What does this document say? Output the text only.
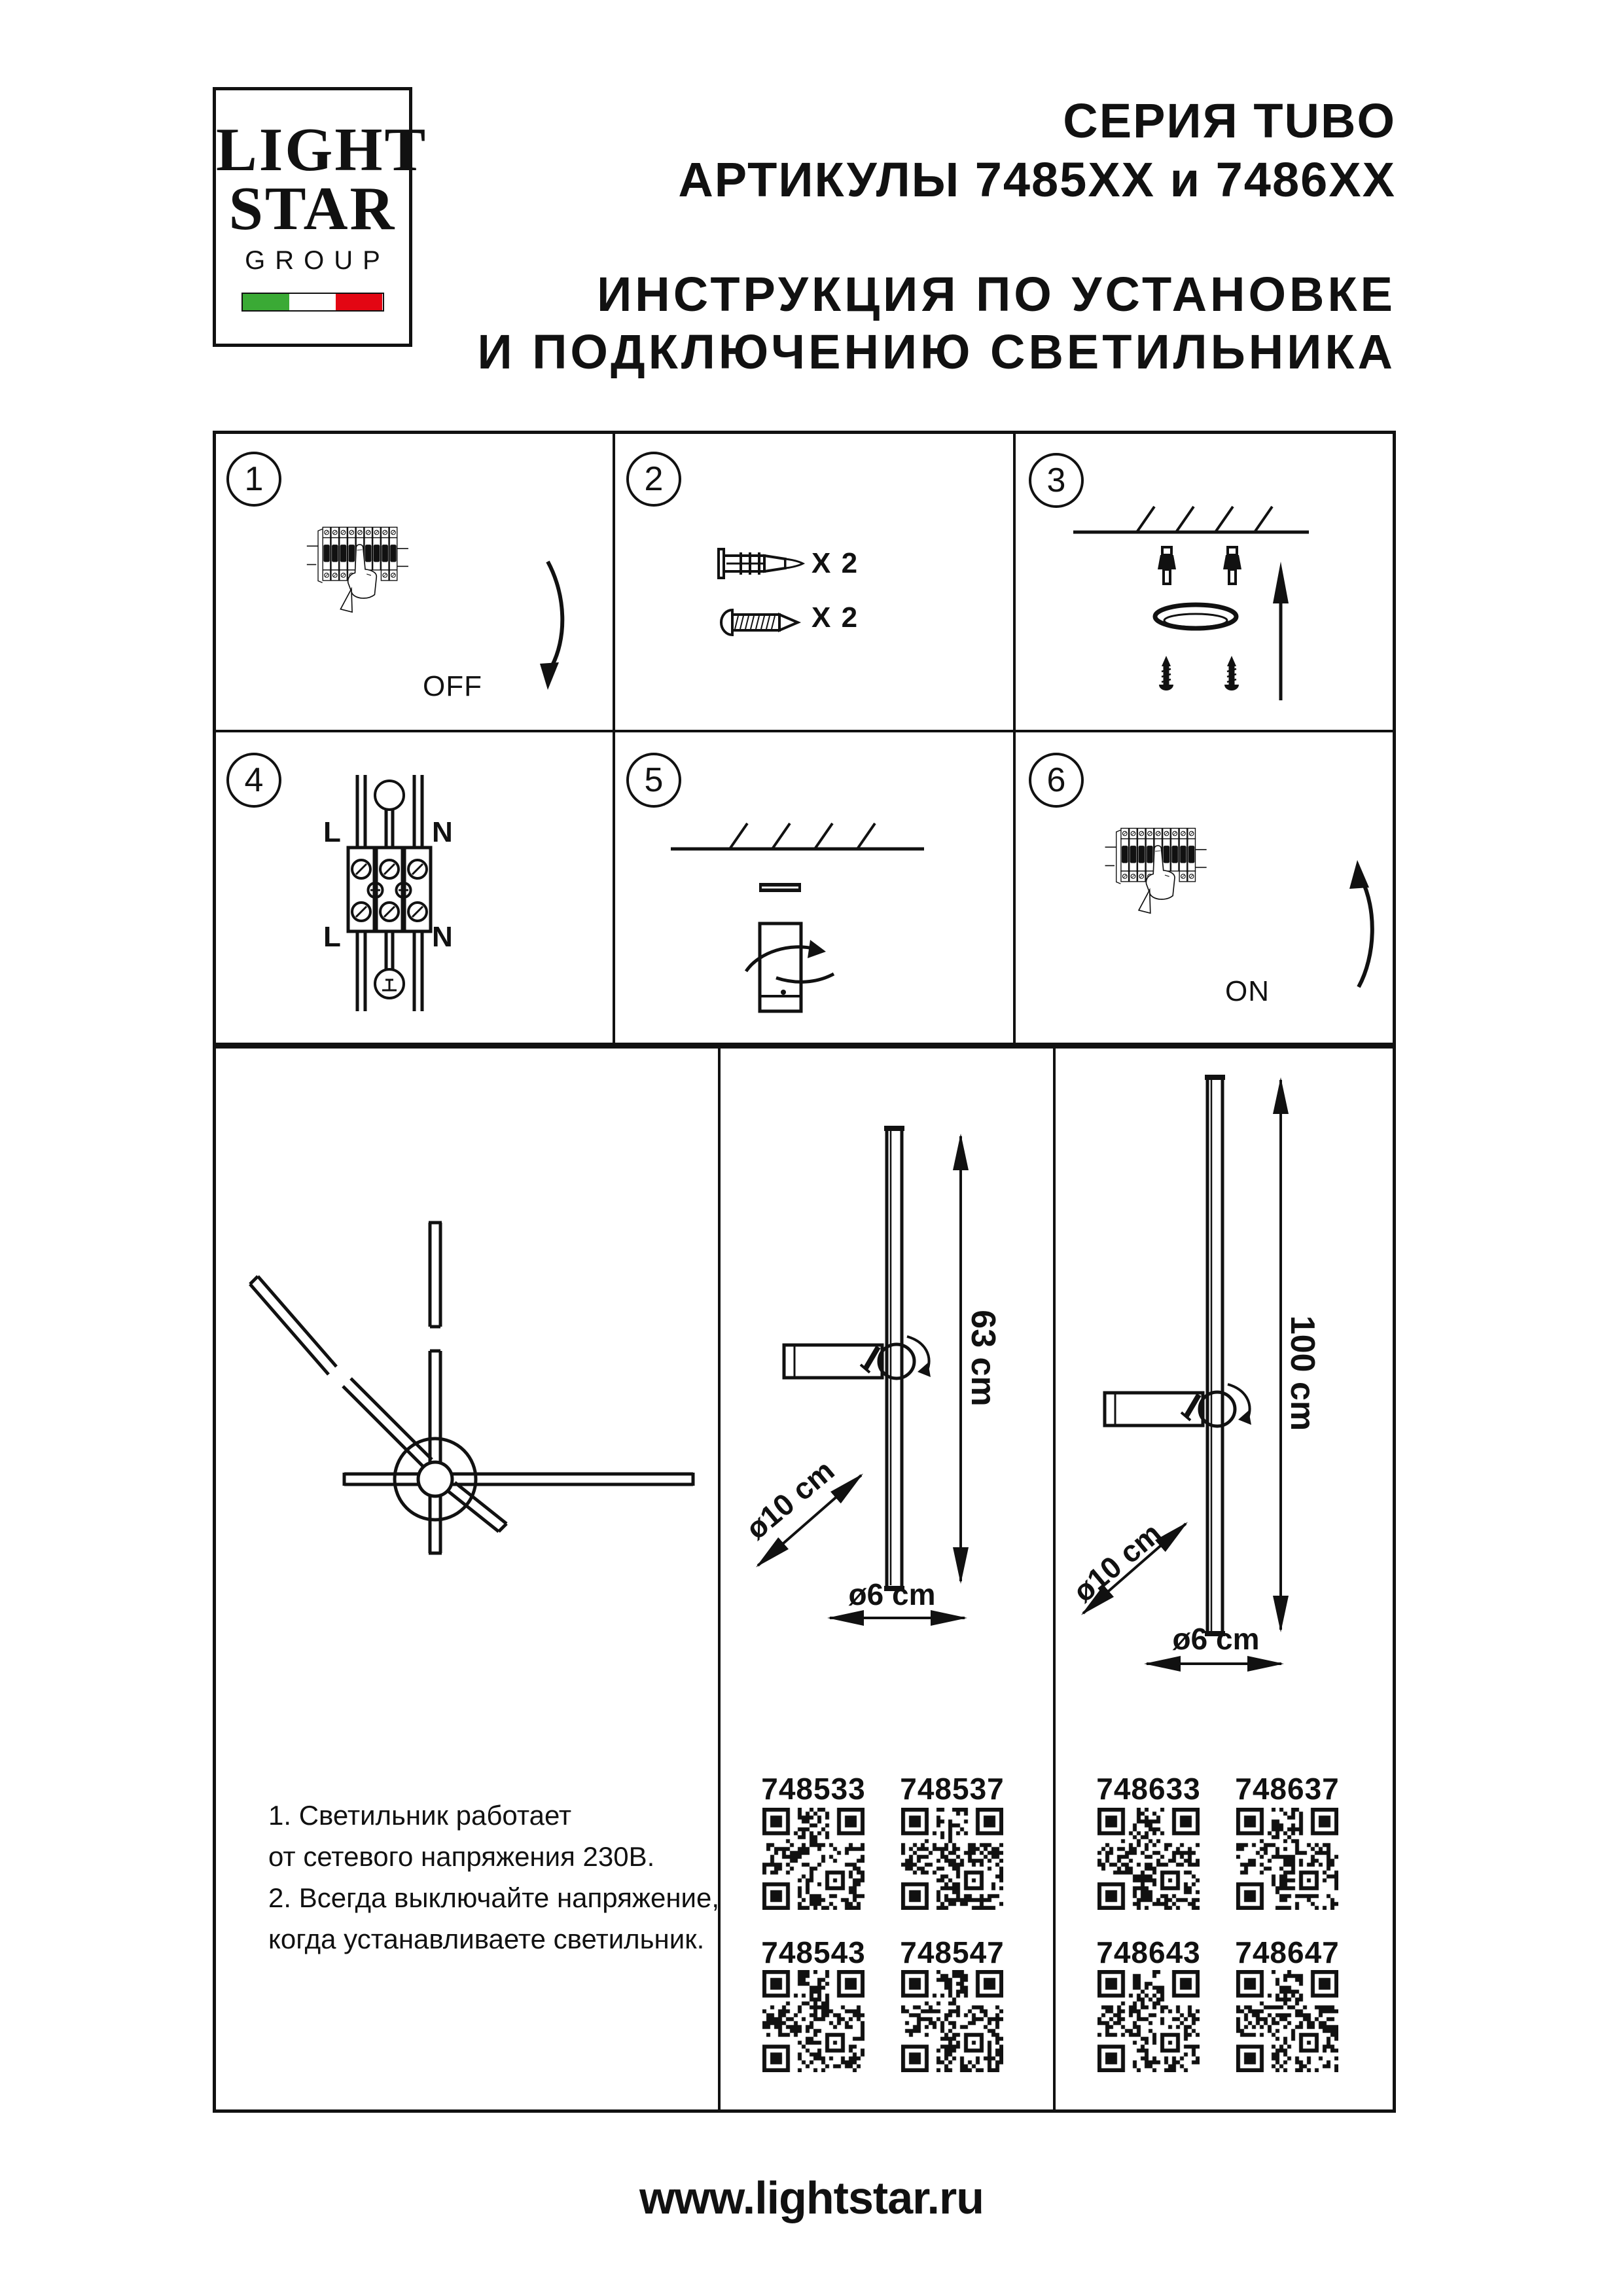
LIGHT
STAR
GROUP
СЕРИЯ TUBO
АРТИКУЛЫ 7485XX и 7486XX
ИНСТРУКЦИЯ ПО УСТАНОВКЕ
И ПОДКЛЮЧЕНИЮ СВЕТИЛЬНИКА
1	2	3
4	5	6
OFF
X 2
X 2
L	N
L	N
ON
63 cm
ø10 cm
ø6 cm
100 cm
ø10 cm
ø6 cm
1. Светильник работает
от сетевого напряжения 230В.
2. Всегда выключайте напряжение,
когда устанавливаете светильник.
748533	748537
748543	748547
748633	748637
748643	748647
www.lightstar.ru
